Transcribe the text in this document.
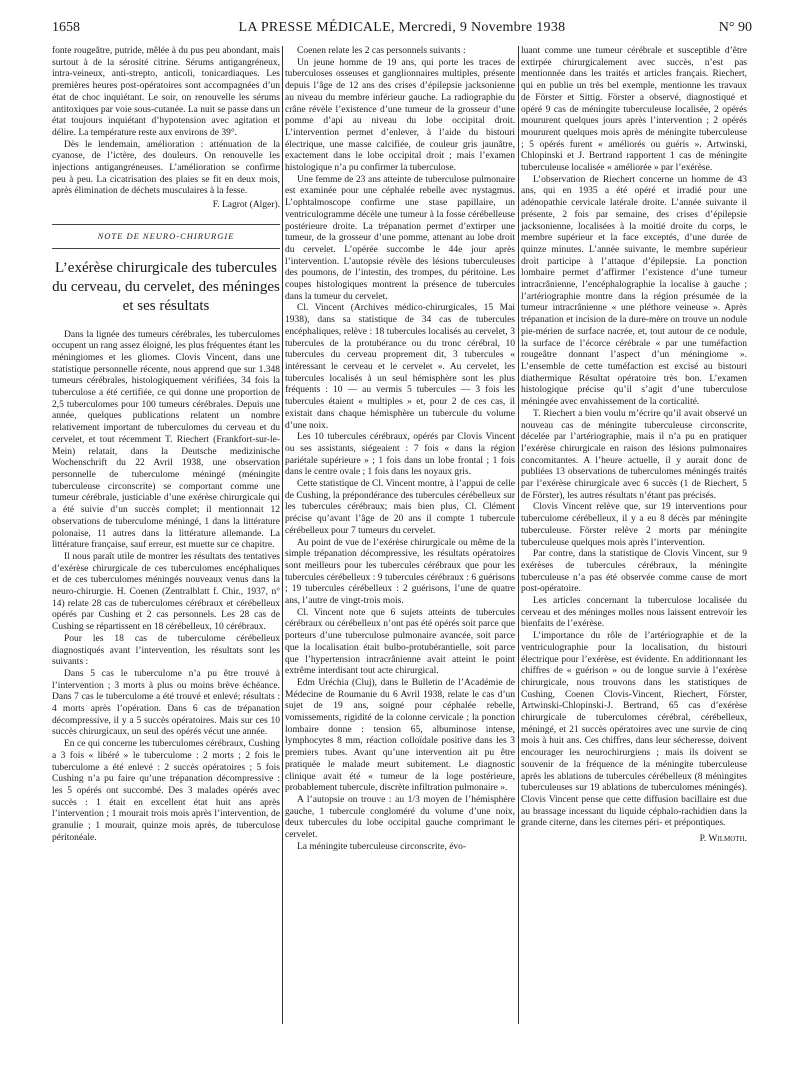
1658	LA PRESSE MÉDICALE, Mercredi, 9 Novembre 1938	N° 90

fonte rougeâtre, putride, mêlée à du pus peu abondant, mais surtout à de la sérosité citrine. Sérums antigangréneux, intra-veineux, anti-strepto, anticoli, tonicardiaques. Les premières heures post-opératoires sont accompagnées d’un état de choc inquiétant. Le soir, on renouvelle les sérums antitoxiques par voie sous-cutanée. La nuit se passe dans un état toujours inquiétant d’hypotension avec agitation et délire. La température reste aux environs de 39°.

Dès le lendemain, amélioration : atténuation de la cyanose, de l’ictère, des douleurs. On renouvelle les injections antigangréneuses. L’amélioration se confirme peu à peu. La cicatrisation des plaies se fit en deux mois, après élimination de déchets musculaires à la fesse.

F. Lagrot (Alger).
NOTE DE NEURO-CHIRURGIE
L’exérèse chirurgicale des tubercules du cerveau, du cervelet, des méninges et ses résultats

Dans la lignée des tumeurs cérébrales, les tuberculomes occupent un rang assez éloigné, les plus fréquentes étant les méningiomes et les gliomes. Clovis Vincent, dans une statistique personnelle récente, nous apprend que sur 1.348 tumeurs cérébrales, histologiquement vérifiées, 34 fois la tuberculose a été certifiée, ce qui donne une proportion de 2,5 tuberculomes pour 100 tumeurs cérébrales. Depuis une année, quelques publications relatent un nombre relativement important de tuberculomes du cerveau et du cervelet, et tout récemment T. Riechert (Frankfort-sur-le-Mein) relatait, dans la Deutsche medizinische Wochenschrift du 22 Avril 1938, une observation personnelle de tuberculome méningé (méningite tuberculeuse circonscrite) se comportant comme une tumeur cérébrale, justiciable d’une exérèse chirurgicale qui a été suivie d’un succès complet; il mentionnait 12 observations de tuberculome méningé, 1 dans la littérature polonaise, 11 autres dans la littérature allemande. La littérature française, sauf erreur, est muette sur ce chapitre.

Il nous paraît utile de montrer les résultats des tentatives d’exérèse chirurgicale de ces tuberculomes encéphaliques et de ces tuberculomes méningés nouveaux venus dans la neuro-chirurgie. H. Coenen (Zentralblatt f. Chir., 1937, n° 14) relate 28 cas de tuberculomes cérébraux et cérébelleux opérés par Cushing et 2 cas personnels. Les 28 cas de Cushing se répartissent en 18 cérébelleux, 10 cérébraux.

Pour les 18 cas de tuberculome cérébelleux diagnostiqués avant l’intervention, les résultats sont les suivants :

Dans 5 cas le tuberculome n’a pu être trouvé à l’intervention ; 3 morts à plus ou moins brève échéance. Dans 7 cas le tuberculome a été trouvé et enlevé; résultats : 4 morts après l’opération. Dans 6 cas de trépanation décompressive, il y a 5 succès opératoires. Mais sur ces 10 succès chirurgicaux, un seul des opérés vécut une année.

En ce qui concerne les tuberculomes cérébraux, Cushing a 3 fois « libéré » le tuberculome : 2 morts ; 2 fois le tuberculome a été enlevé : 2 succès opératoires ; 5 fois Cushing n’a pu faire qu’une trépanation décompressive : les 5 opérés ont succombé. Des 3 malades opérés avec succès : 1 était en excellent état huit ans après l’intervention ; 1 mourait trois mois après l’intervention, de granulie ; 1 mourait, quinze mois après, de tuberculose péritonéale.

Coenen relate les 2 cas personnels suivants :

Un jeune homme de 19 ans, qui porte les traces de tuberculoses osseuses et ganglionnaires multiples, présente depuis l’âge de 12 ans des crises d’épilepsie jacksonienne au niveau du membre inférieur gauche. La radiographie du crâne révèle l’existence d’une tumeur de la grosseur d’une pomme d’api au niveau du lobe occipital droit. L’intervention permet d’enlever, à l’aide du bistouri électrique, une masse calcifiée, de couleur gris jaunâtre, exactement dans le lobe occipital droit ; mais l’examen histologique n’a pu confirmer la tuberculose.

Une femme de 23 ans atteinte de tuberculose pulmonaire est examinée pour une céphalée rebelle avec nystagmus. L’ophtalmoscope confirme une stase papillaire, un ventriculogramme décèle une tumeur à la fosse cérébelleuse postérieure droite. La trépanation permet d’extirper une tumeur, de la grosseur d’une pomme, attenant au lobe droit du cervelet. L’opérée succombe le 44e jour après l’intervention. L’autopsie révèle des lésions tuberculeuses des poumons, de l’intestin, des trompes, du péritoine. Les coupes histologiques montrent la présence de tubercules dans la tumeur du cervelet.

Cl. Vincent (Archives médico-chirurgicales, 15 Mai 1938), dans sa statistique de 34 cas de tubercules encéphaliques, relève : 18 tubercules localisés au cervelet, 3 tubercules de la protubérance ou du tronc cérébral, 10 tubercules du cerveau proprement dit, 3 tubercules « intéressant le cerveau et le cervelet ». Au cervelet, les tubercules localisés à un seul hémisphère sont les plus fréquents : 10 — au vermis 5 tubercules — 3 fois les tubercules étaient « multiples » et, pour 2 de ces cas, il existait dans chaque hémisphère un tubercule du volume d’une noix.

Les 10 tubercules cérébraux, opérés par Clovis Vincent ou ses assistants, siégeaient : 7 fois « dans la région pariétale supérieure » ; 1 fois dans un lobe frontal ; 1 fois dans le centre ovale ; 1 fois dans les noyaux gris.

Cette statistique de Cl. Vincent montre, à l’appui de celle de Cushing, la prépondérance des tubercules cérébelleux sur les tubercules cérébraux; mais bien plus, Cl. Clément précise qu’avant l’âge de 20 ans il compte 1 tubercule cérébelleux pour 7 tumeurs du cervelet.

Au point de vue de l’exérèse chirurgicale ou même de la simple trépanation décompressive, les résultats opératoires sont meilleurs pour les tubercules cérébraux que pour les tubercules cérébelleux : 9 tubercules cérébraux : 6 guérisons ; 19 tubercules cérébelleux : 2 guérisons, l’une de quatre ans, l’autre de vingt-trois mois.

Cl. Vincent note que 6 sujets atteints de tubercules cérébraux ou cérébelleux n’ont pas été opérés soit parce que porteurs d’une tuberculose pulmonaire avancée, soit parce que la localisation était bulbo-protubérantielle, soit parce que l’hypertension intracrânienne avait atteint le point extrême interdisant tout acte chirurgical.

Edm Uréchia (Cluj), dans le Bulletin de l’Académie de Médecine de Roumanie du 6 Avril 1938, relate le cas d’un sujet de 19 ans, soigné pour céphalée rebelle, vomissements, rigidité de la colonne cervicale ; la ponction lombaire donne : tension 65, albuminose intense, lymphocytes 8 mm, réaction colloïdale positive dans les 3 premiers tubes. Avant qu’une intervention ait pu être pratiquée le malade meurt subitement. Le diagnostic clinique avait été « tumeur de la loge postérieure, probablement tubercule, discrète infiltration pulmonaire ».

A l’autopsie on trouve : au 1/3 moyen de l’hémisphère gauche, 1 tubercule congloméré du volume d’une noix, deux tubercules du lobe occipital gauche comprimant le cervelet.

La méningite tuberculeuse circonscrite, évo-

luant comme une tumeur cérébrale et susceptible d’être extirpée chirurgicalement avec succès, n’est pas mentionnée dans les traités et articles français. Riechert, qui en publie un très bel exemple, mentionne les travaux de Förster et Sittig. Förster a observé, diagnostiqué et opéré 9 cas de méningite tuberculeuse localisée, 2 opérés moururent quelques jours après l’intervention ; 2 opérés moururent quelques mois après de méningite tuberculeuse ; 5 opérés furent « améliorés ou guéris ». Artwinski, Chlopinski et J. Bertrand rapportent 1 cas de méningite tuberculeuse localisée « améliorée » par l’exérèse.

L’observation de Riechert concerne un homme de 43 ans, qui en 1935 a été opéré et irradié pour une adénopathie cervicale latérale droite. L’année suivante il présente, 2 fois par semaine, des crises d’épilepsie jacksonienne, localisées à la moitié droite du corps, le membre supérieur et la face exceptés, d’une durée de quinze minutes. L’année suivante, le membre supérieur droit participe à l’attaque d’épilepsie. La ponction lombaire permet d’affirmer l’existence d’une tumeur intracrânienne, l’encéphalographie la localise à gauche ; l’artériographie montre dans la région présumée de la tumeur intracrânienne « une pléthore veineuse ». Après trépanation et incision de la dure-mère on trouve un nodule pie-mérien de surface nacrée, et, tout autour de ce nodule, la surface de l’écorce cérébrale « par une tuméfaction rougeâtre donnant l’aspect d’un méningiome ». L’ensemble de cette tuméfaction est excisé au bistouri diathermique Résultat opératoire très bon. L’examen histologique précise qu’il s’agit d’une tuberculose méningée avec envahissement de la corticalité.

T. Riechert a bien voulu m’écrire qu’il avait observé un nouveau cas de méningite tuberculeuse circonscrite, décelée par l’artériographie, mais il n’a pu en pratiquer l’exérèse chirurgicale en raison des lésions pulmonaires concomitantes. A l’heure actuelle, il y aurait donc de publiées 13 observations de tuberculomes méningés traités par l’exérèse chirurgicale avec 6 succès (1 de Riechert, 5 de Förster), les autres résultats n’étant pas précisés.

Clovis Vincent relève que, sur 19 interventions pour tuberculome cérébelleux, il y a eu 8 décès par méningite tuberculeuse. Förster relève 2 morts par méningite tuberculeuse quelques mois après l’intervention.

Par contre, dans la statistique de Clovis Vincent, sur 9 exérèses de tubercules cérébraux, la méningite tuberculeuse n’a pas été observée comme cause de mort post-opératoire.

Les articles concernant la tuberculose localisée du cerveau et des méninges molles nous laissent entrevoir les bienfaits de l’exérèse.

L’importance du rôle de l’artériographie et de la ventriculographie pour la localisation, du bistouri électrique pour l’exérèse, est évidente. En additionnant les chiffres de « guérison » ou de longue survie à l’exérèse chirurgicale, nous trouvons dans les statistiques de Cushing, Coenen Clovis-Vincent, Riechert, Förster, Artwinski-Chlopinski-J. Bertrand, 65 cas d’exérèse chirurgicale de tuberculomes cérébral, cérébelleux, méningé, et 21 succès opératoires avec une survie de cinq mois à huit ans. Ces chiffres, dans leur sécheresse, doivent encourager les neurochirurgiens ; mais ils doivent se souvenir de la fréquence de la méningite tuberculeuse après les ablations de tubercules cérébelleux (8 méningites tuberculeuses sur 19 ablations de tuberculomes méningés). Clovis Vincent pense que cette diffusion bacillaire est due au brassage incessant du liquide céphalo-rachidien dans la grande citerne, dans les citernes péri- et prépontiques.

P. Wilmoth.
